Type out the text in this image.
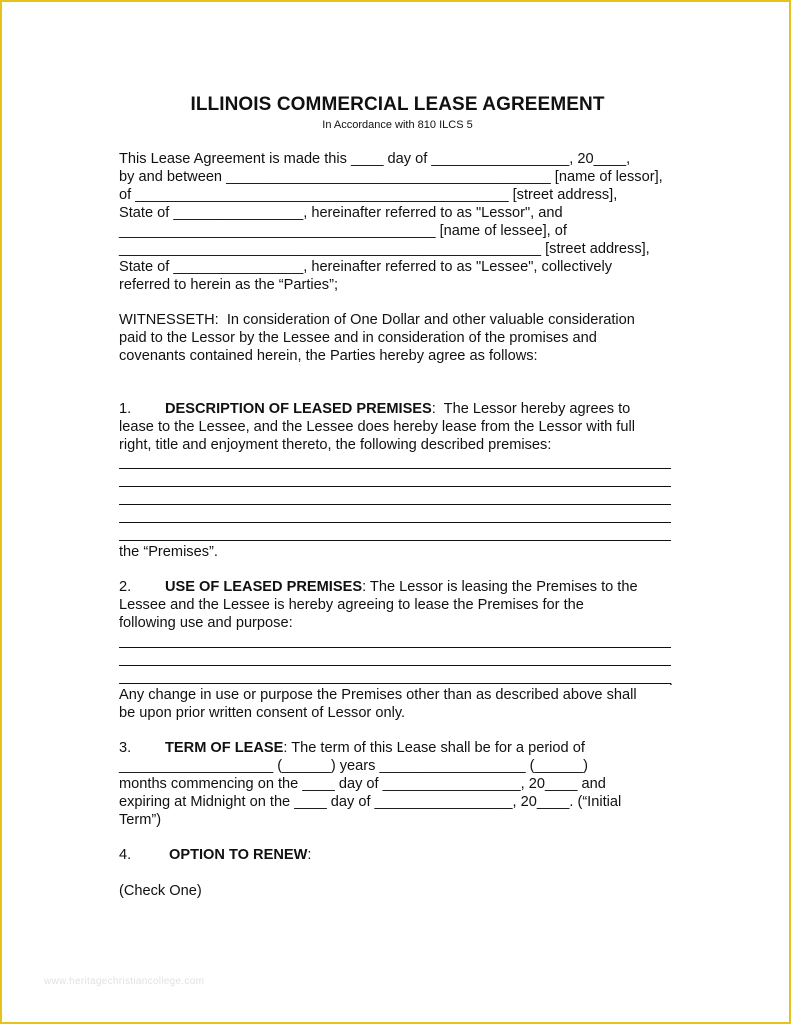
ILLINOIS COMMERCIAL LEASE AGREEMENT
In Accordance with 810 ILCS 5
This Lease Agreement is made this ____ day of _________________, 20____,
by and between ________________________________________ [name of lessor],
of ______________________________________________ [street address],
State of ________________, hereinafter referred to as "Lessor", and
_______________________________________ [name of lessee], of
____________________________________________________ [street address],
State of ________________, hereinafter referred to as "Lessee", collectively
referred to herein as the “Parties”;
WITNESSETH:  In consideration of One Dollar and other valuable consideration
paid to the Lessor by the Lessee and in consideration of the promises and
covenants contained herein, the Parties hereby agree as follows:
1. DESCRIPTION OF LEASED PREMISES:  The Lessor hereby agrees to
lease to the Lessee, and the Lessee does hereby lease from the Lessor with full
right, title and enjoyment thereto, the following described premises:
the “Premises”.
2. USE OF LEASED PREMISES: The Lessor is leasing the Premises to the
Lessee and the Lessee is hereby agreeing to lease the Premises for the
following use and purpose:
.
Any change in use or purpose the Premises other than as described above shall
be upon prior written consent of Lessor only.
3. TERM OF LEASE: The term of this Lease shall be for a period of
___________________ (______) years __________________ (______)
months commencing on the ____ day of _________________, 20____ and
expiring at Midnight on the ____ day of _________________, 20____. (“Initial
Term”)
4.	OPTION TO RENEW:
(Check One)
www.heritagechristiancollege.com
